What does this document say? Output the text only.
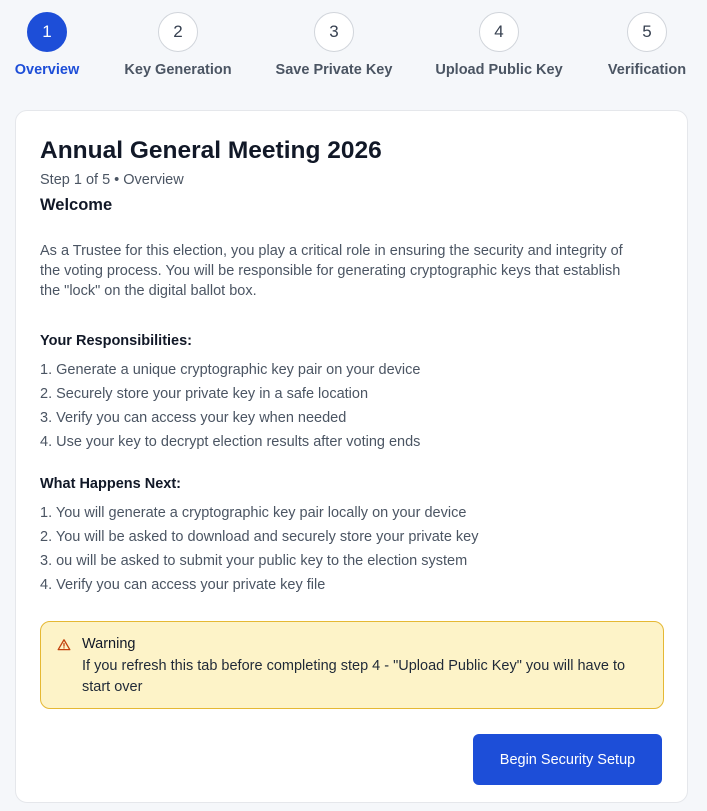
1
Overview
2
Key Generation
3
Save Private Key
4
Upload Public Key
5
Verification
Annual General Meeting 2026
Step 1 of 5 • Overview
Welcome

As a Trustee for this election, you play a critical role in ensuring the security and integrity of the voting process. You will be responsible for generating cryptographic keys that establish the "lock" on the digital ballot box.

Your Responsibilities:
1. Generate a unique cryptographic key pair on your device
2. Securely store your private key in a safe location
3. Verify you can access your key when needed
4. Use your key to decrypt election results after voting ends
What Happens Next:
1. You will generate a cryptographic key pair locally on your device
2. You will be asked to download and securely store your private key
3. ou will be asked to submit your public key to the election system
4. Verify you can access your private key file
Warning
If you refresh this tab before completing step 4 - "Upload Public Key" you will have to start over
Begin Security Setup
